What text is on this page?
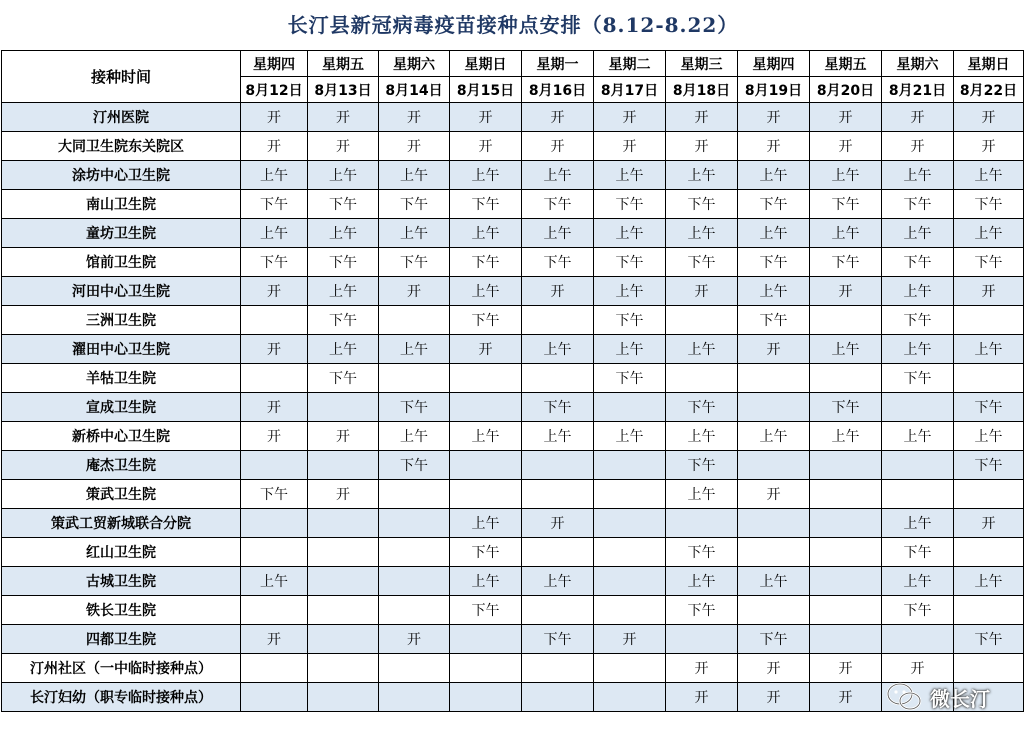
长汀县新冠病毒疫苗接种点安排（8.12-8.22）
接种时间	星期四	星期五	星期六	星期日	星期一	星期二	星期三	星期四	星期五	星期六	星期日
	8月12日	8月13日	8月14日	8月15日	8月16日	8月17日	8月18日	8月19日	8月20日	8月21日	8月22日
汀州医院	开	开	开	开	开	开	开	开	开	开	开
大同卫生院东关院区	开	开	开	开	开	开	开	开	开	开	开
涂坊中心卫生院	上午	上午	上午	上午	上午	上午	上午	上午	上午	上午	上午
南山卫生院	下午	下午	下午	下午	下午	下午	下午	下午	下午	下午	下午
童坊卫生院	上午	上午	上午	上午	上午	上午	上午	上午	上午	上午	上午
馆前卫生院	下午	下午	下午	下午	下午	下午	下午	下午	下午	下午	下午
河田中心卫生院	开	上午	开	上午	开	上午	开	上午	开	上午	开
三洲卫生院		下午		下午		下午		下午		下午	
濯田中心卫生院	开	上午	上午	开	上午	上午	上午	开	上午	上午	上午
羊牯卫生院		下午				下午				下午	
宣成卫生院	开		下午		下午		下午		下午		下午
新桥中心卫生院	开	开	上午	上午	上午	上午	上午	上午	上午	上午	上午
庵杰卫生院			下午				下午				下午
策武卫生院	下午	开					上午	开			
策武工贸新城联合分院				上午	开					上午	开
红山卫生院				下午			下午			下午	
古城卫生院	上午			上午	上午		上午	上午		上午	上午
铁长卫生院				下午			下午			下午	
四都卫生院	开		开		下午	开		下午			下午
汀州社区（一中临时接种点）							开	开	开	开	
长汀妇幼（职专临时接种点）							开	开	开			微长汀
